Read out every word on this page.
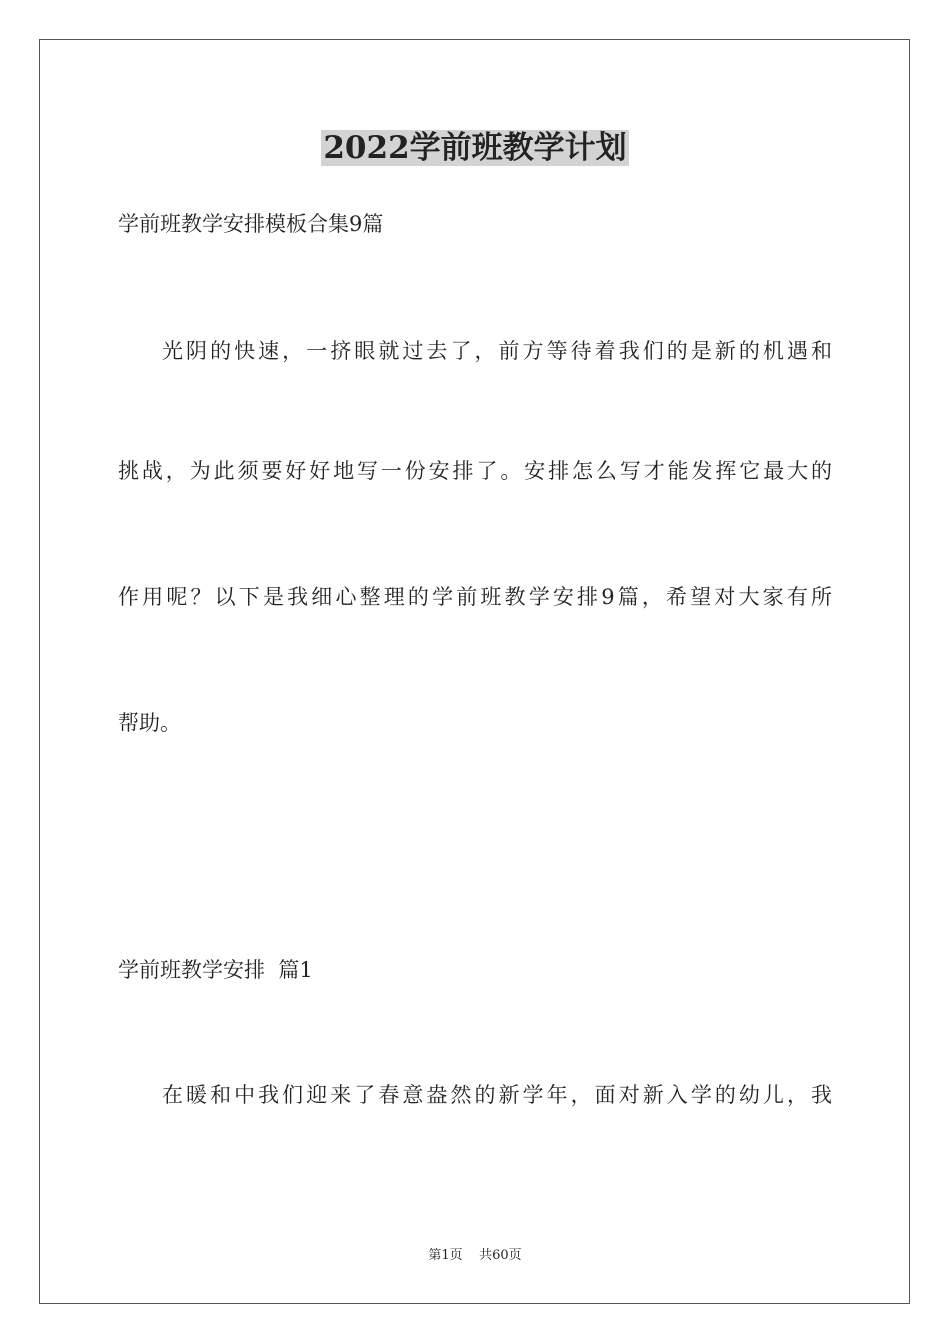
2022学前班教学计划
学前班教学安排模板合集9篇
光阴的快速，一挤眼就过去了，前方等待着我们的是新的机遇和
挑战，为此须要好好地写一份安排了。安排怎么写才能发挥它最大的
作用呢？以下是我细心整理的学前班教学安排9篇，希望对大家有所
帮助。
学前班教学安排  篇1
在暖和中我们迎来了春意盎然的新学年，面对新入学的幼儿，我
第1页    共60页
